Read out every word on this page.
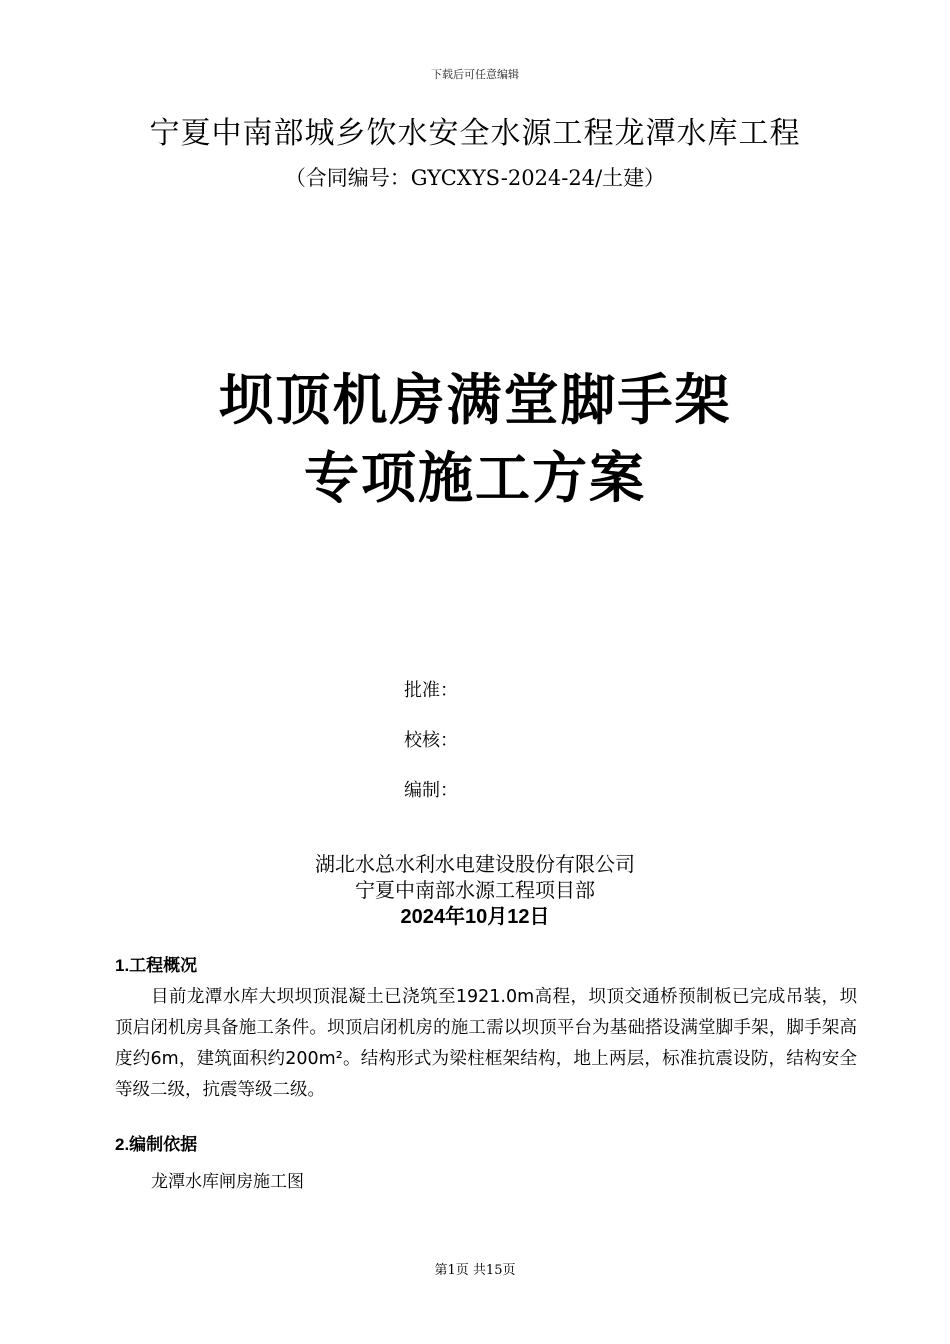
下载后可任意编辑
宁夏中南部城乡饮水安全水源工程龙潭水库工程
（合同编号：GYCXYS-2024-24/土建）
坝顶机房满堂脚手架
专项施工方案
批准：
校核：
编制：
湖北水总水利水电建设股份有限公司
宁夏中南部水源工程项目部
2024年10月12日
1.工程概况
目前龙潭水库大坝坝顶混凝土已浇筑至1921.0m高程，坝顶交通桥预制板已完成吊装，坝顶启闭机房具备施工条件。坝顶启闭机房的施工需以坝顶平台为基础搭设满堂脚手架，脚手架高度约6m，建筑面积约200m²。结构形式为梁柱框架结构，地上两层，标准抗震设防，结构安全等级二级，抗震等级二级。
2.编制依据
龙潭水库闸房施工图
第1页 共15页
